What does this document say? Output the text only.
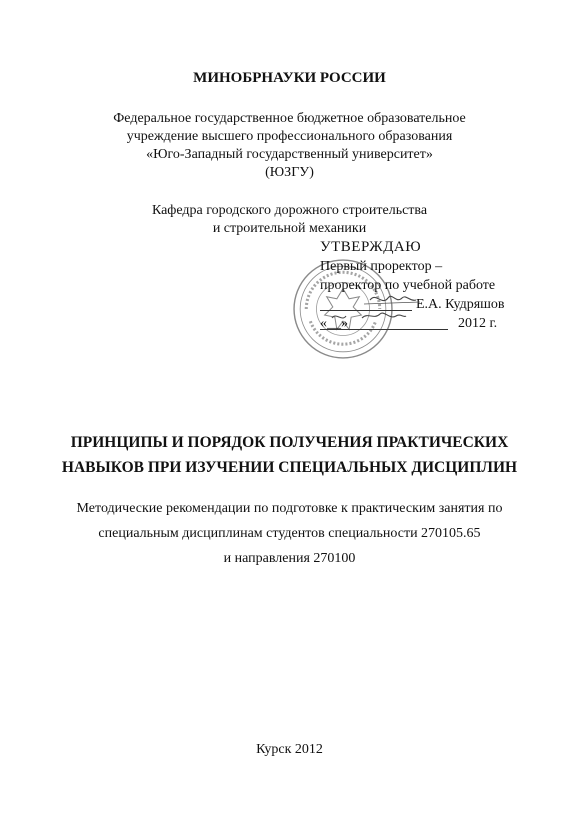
МИНОБРНАУКИ РОССИИ
Федеральное государственное бюджетное образовательное
учреждение высшего профессионального образования
«Юго-Западный государственный университет»
(ЮЗГУ)
Кафедра городского дорожного строительства
и строительной механики
УТВЕРЖДАЮ
Первый проректор –
проректор по учебной работе
Е.А. Кудряшов
«__»	2012 г.
ПРИНЦИПЫ И ПОРЯДОК ПОЛУЧЕНИЯ ПРАКТИЧЕСКИХ
НАВЫКОВ ПРИ ИЗУЧЕНИИ СПЕЦИАЛЬНЫХ ДИСЦИПЛИН
Методические рекомендации по подготовке к практическим занятия по
специальным дисциплинам студентов специальности 270105.65
и направления 270100
Курск 2012
